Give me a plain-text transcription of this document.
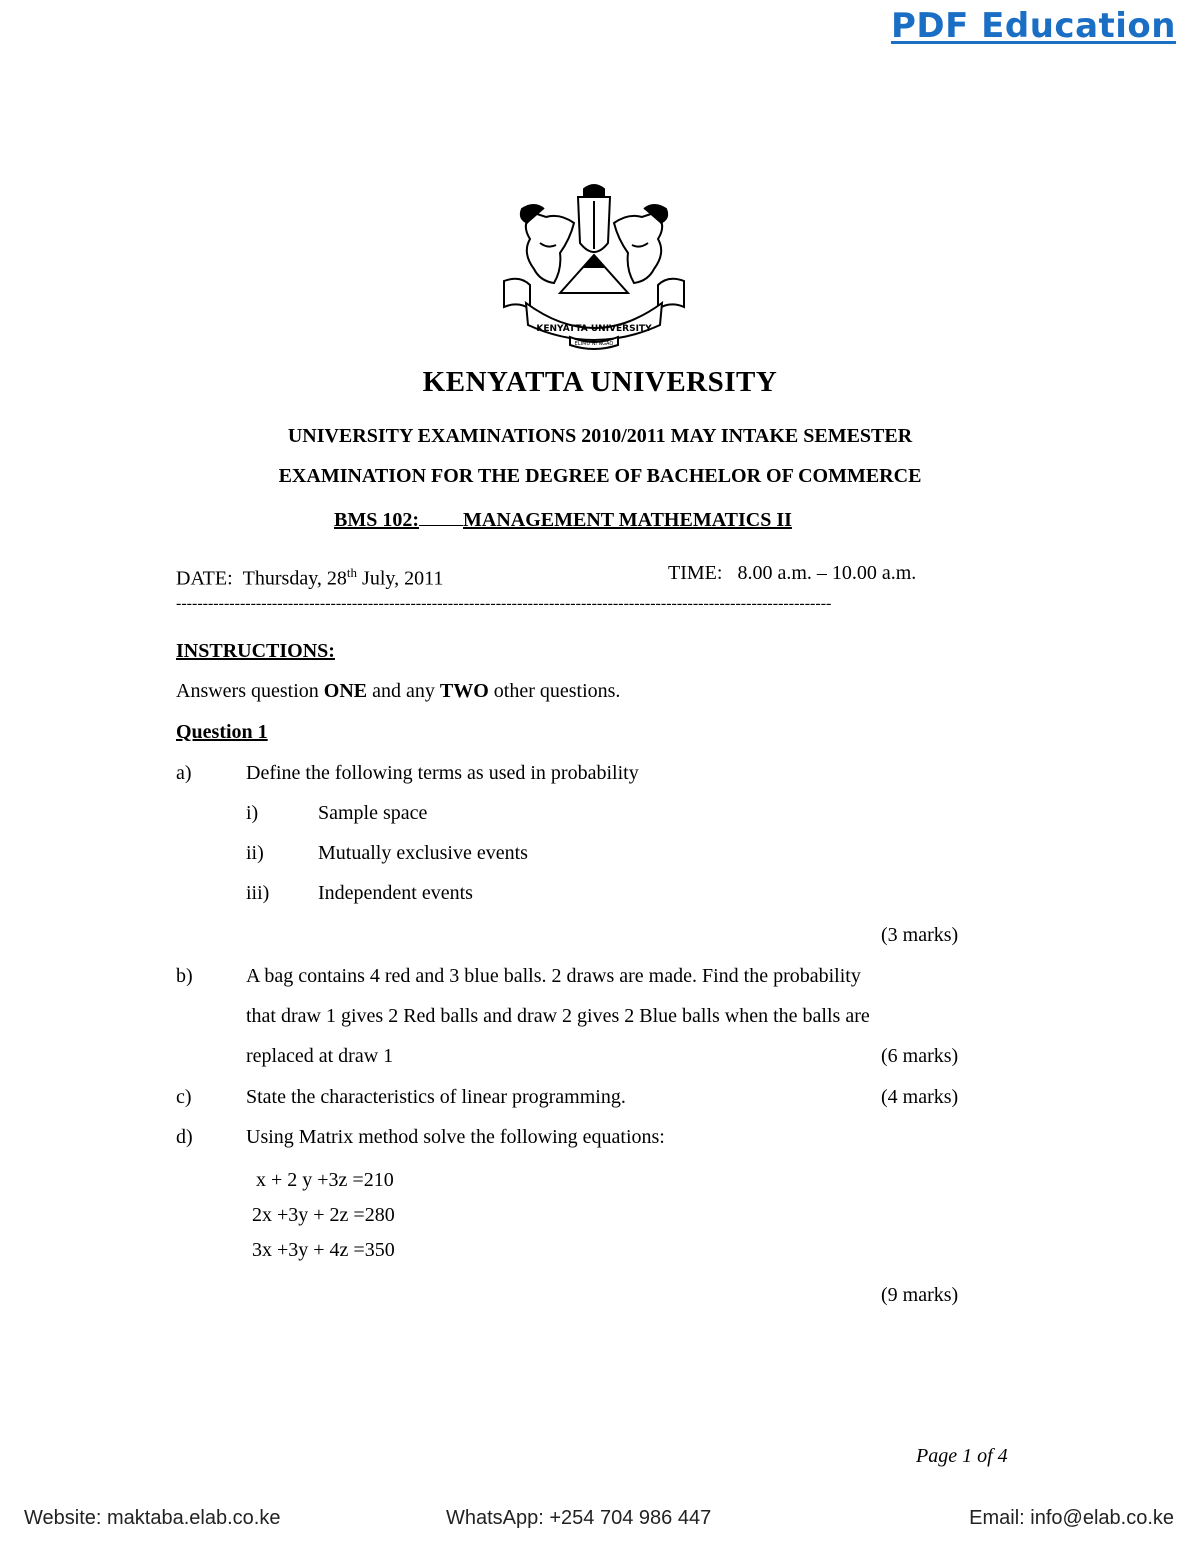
PDF Education
KENYATTA UNIVERSITY
ELIMU NI NGAO
KENYATTA UNIVERSITY
UNIVERSITY EXAMINATIONS 2010/2011 MAY INTAKE SEMESTER
EXAMINATION FOR THE DEGREE OF BACHELOR OF COMMERCE
BMS 102: MANAGEMENT MATHEMATICS II
DATE: Thursday, 28th July, 2011	TIME: 8.00 a.m. – 10.00 a.m.
---------------------------------------------------------------------------------------------------------------------------
INSTRUCTIONS:
Answers question ONE and any TWO other questions.
Question 1
a)	Define the following terms as used in probability
i)	Sample space
ii)	Mutually exclusive events
iii) Independent events
(3 marks)
b)	A bag contains 4 red and 3 blue balls. 2 draws are made. Find the probability
that draw 1 gives 2 Red balls and draw 2 gives 2 Blue balls when the balls are
replaced at draw 1	(6 marks)
c)	State the characteristics of linear programming.	(4 marks)
d)	Using Matrix method solve the following equations:
x + 2 y +3z =210
2x +3y + 2z =280
3x +3y + 4z =350
(9 marks)
Page 1 of 4
Website: maktaba.elab.co.ke	WhatsApp: +254 704 986 447	Email: info@elab.co.ke
